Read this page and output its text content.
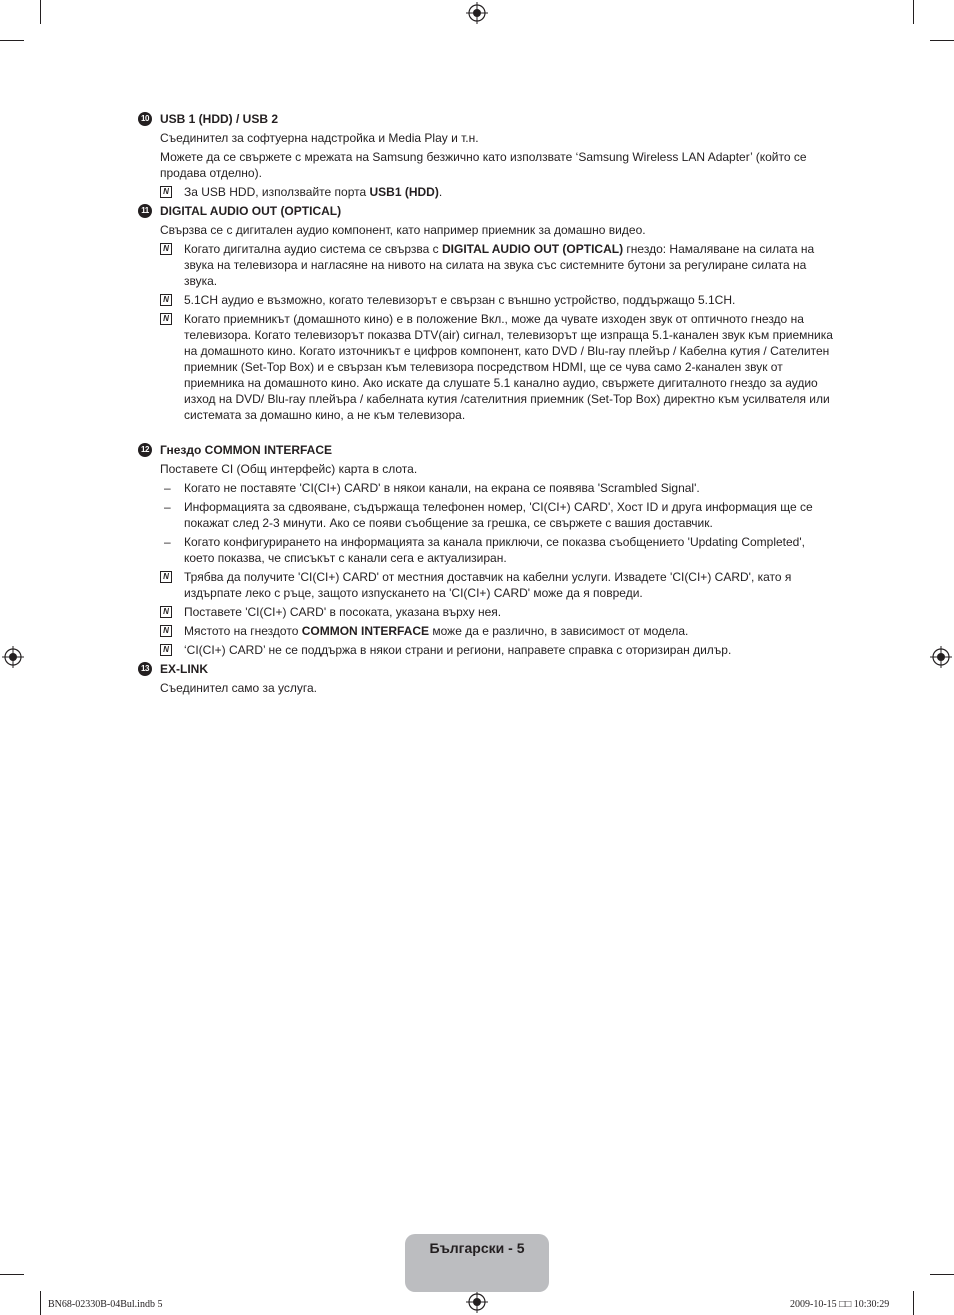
10 USB 1 (HDD) / USB 2
Съединител за софтуерна надстройка и Media Play и т.н.
Можете да се свържете с мрежата на Samsung безжично като използвате ‘Samsung Wireless LAN Adapter’ (който се продава отделно).
N За USB HDD, използвайте порта USB1 (HDD).
11 DIGITAL AUDIO OUT (OPTICAL)
Свързва се с дигитален аудио компонент, като например приемник за домашно видео.
N Когато дигитална аудио система се свързва с DIGITAL AUDIO OUT (OPTICAL) гнездо: Намаляване на силата на звука на телевизора и нагласяне на нивото на силата на звука със системните бутони за регулиране силата на звука.
N 5.1CH аудио е възможно, когато телевизорът е свързан с външно устройство, поддържащо 5.1CH.
N Когато приемникът (домашното кино) е в положение Вкл., може да чувате изходен звук от оптичното гнездо на телевизора. Когато телевизорът показва DTV(air) сигнал, телевизорът ще изпраща 5.1-канален звук към приемника на домашното кино. Когато източникът е цифров компонент, като DVD / Blu-ray плейър / Кабелна кутия / Сателитен приемник (Set-Top Box) и е свързан към телевизора посредством HDMI, ще се чува само 2-канален звук от приемника на домашното кино. Ако искате да слушате 5.1 канално аудио, свържете дигиталното гнездо за аудио изход на DVD/ Blu-ray плейъра / кабелната кутия /сателитния приемник (Set-Top Box) директно към усилвателя или системата за домашно кино, а не към телевизора.
12 Гнездо COMMON INTERFACE
Поставете CI (Общ интерфейс) карта в слота.
– Когато не поставяте 'CI(CI+) CARD' в някои канали, на екрана се появява 'Scrambled Signal'.
– Информацията за сдвояване, съдържаща телефонен номер, 'CI(CI+) CARD', Хост ID и друга информация ще се покажат след 2-3 минути. Ако се появи съобщение за грешка, се свържете с вашия доставчик.
– Когато конфигурирането на информацията за канала приключи, се показва съобщението 'Updating Completed', което показва, че списъкът с канали сега е актуализиран.
N Трябва да получите 'CI(CI+) CARD' от местния доставчик на кабелни услуги. Извадете 'CI(CI+) CARD', като я издърпате леко с ръце, защото изпускането на 'CI(CI+) CARD' може да я повреди.
N Поставете 'CI(CI+) CARD' в посоката, указана върху нея.
N Мястото на гнездото COMMON INTERFACE може да е различно, в зависимост от модела.
N ‘CI(CI+) CARD’ не се поддържа в някои страни и региони, направете справка с оторизиран дилър.
13 EX-LINK
Съединител само за услуга.
Български - 5
BN68-02330B-04Bul.indb 5	2009-10-15 □□ 10:30:29
